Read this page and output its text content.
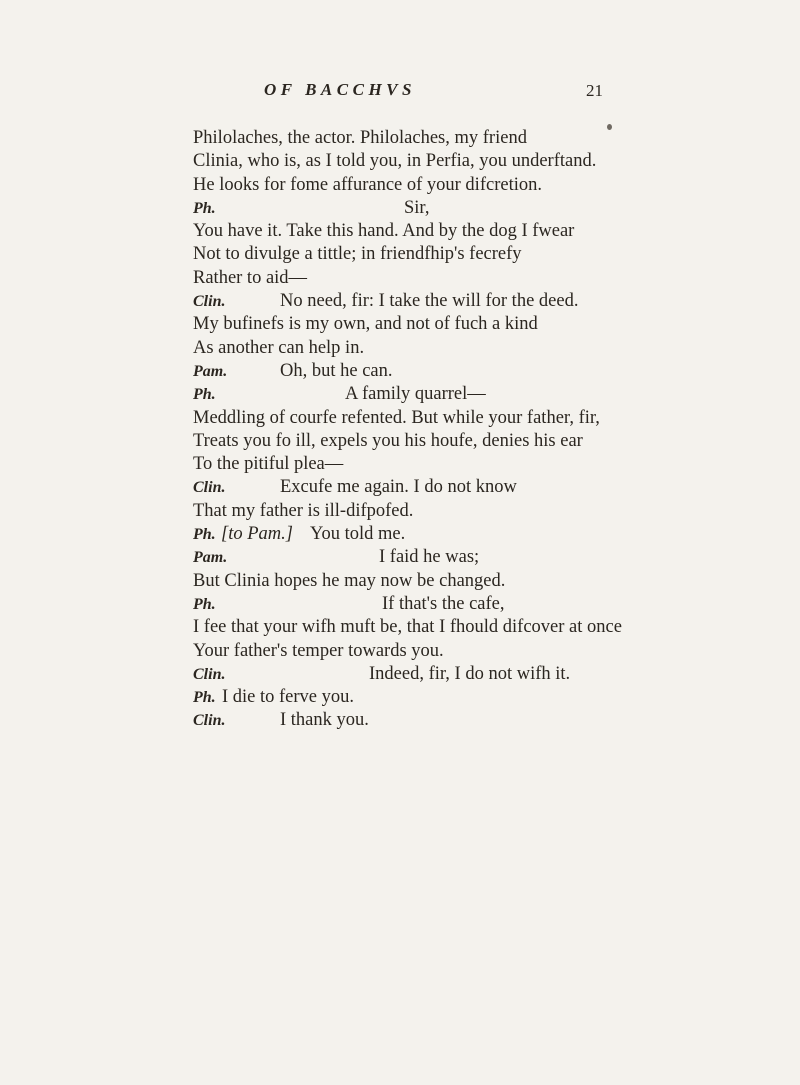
OF BACCHVS	21
Philolaches, the actor. Philolaches, my friend
Clinia, who is, as I told you, in Perfia, you underftand.
He looks for fome affurance of your difcretion.
Ph.	Sir,
You have it. Take this hand. And by the dog I fwear
Not to divulge a tittle; in friendfhip's fecrefy
Rather to aid—
Clin.	No need, fir: I take the will for the deed.
My bufinefs is my own, and not of fuch a kind
As another can help in.
Pam.	Oh, but he can.
Ph.	A family quarrel—
Meddling of courfe refented. But while your father, fir,
Treats you fo ill, expels you his houfe, denies his ear
To the pitiful plea—
Clin.	Excufe me again. I do not know
That my father is ill-difpofed.
Ph. [to Pam.] You told me.
Pam.	I faid he was;
But Clinia hopes he may now be changed.
Ph.	If that's the cafe,
I fee that your wifh muft be, that I fhould difcover at once
Your father's temper towards you.
Clin.	Indeed, fir, I do not wifh it.
Ph. I die to ferve you.
Clin.	I thank you.
